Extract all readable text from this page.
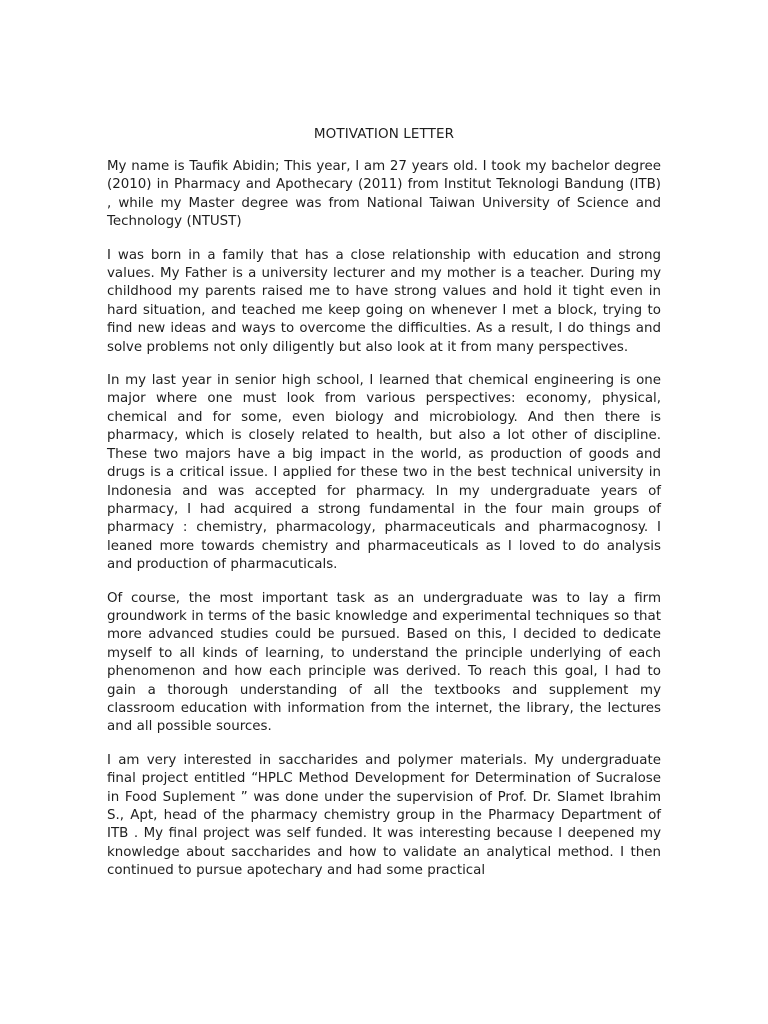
MOTIVATION LETTER

My name is Taufik Abidin; This year, I am 27 years old. I took my bachelor degree (2010) in Pharmacy and Apothecary (2011) from Institut Teknologi Bandung (ITB) , while my Master degree was from National Taiwan University of Science and Technology (NTUST)

I was born in a family that has a close relationship with education and strong values. My Father is a university lecturer and my mother is a teacher. During my childhood my parents raised me to have strong values and hold it tight even in hard situation, and teached me keep going on whenever I met a block, trying to find new ideas and ways to overcome the difficulties. As a result, I do things and solve problems not only diligently but also look at it from many perspectives.

In my last year in senior high school, I learned that chemical engineering is one major where one must look from various perspectives: economy, physical, chemical and for some, even biology and microbiology. And then there is pharmacy, which is closely related to health, but also a lot other of discipline. These two majors have a big impact in the world, as production of goods and drugs is a critical issue. I applied for these two in the best technical university in Indonesia and was accepted for pharmacy. In my undergraduate years of pharmacy, I had acquired a strong fundamental in the four main groups of pharmacy : chemistry, pharmacology, pharmaceuticals and pharmacognosy. I leaned more towards chemistry and pharmaceuticals as I loved to do analysis and production of pharmacuticals.

Of course, the most important task as an undergraduate was to lay a firm groundwork in terms of the basic knowledge and experimental techniques so that more advanced studies could be pursued. Based on this, I decided to dedicate myself to all kinds of learning, to understand the principle underlying of each phenomenon and how each principle was derived. To reach this goal, I had to gain a thorough understanding of all the textbooks and supplement my classroom education with information from the internet, the library, the lectures and all possible sources.

I am very interested in saccharides and polymer materials. My undergraduate final project entitled “HPLC Method Development for Determination of Sucralose in Food Suplement ” was done under the supervision of Prof. Dr. Slamet Ibrahim S., Apt, head of the pharmacy chemistry group in the Pharmacy Department of ITB . My final project was self funded. It was interesting because I deepened my knowledge about saccharides and how to validate an analytical method. I then continued to pursue apotechary and had some practical
